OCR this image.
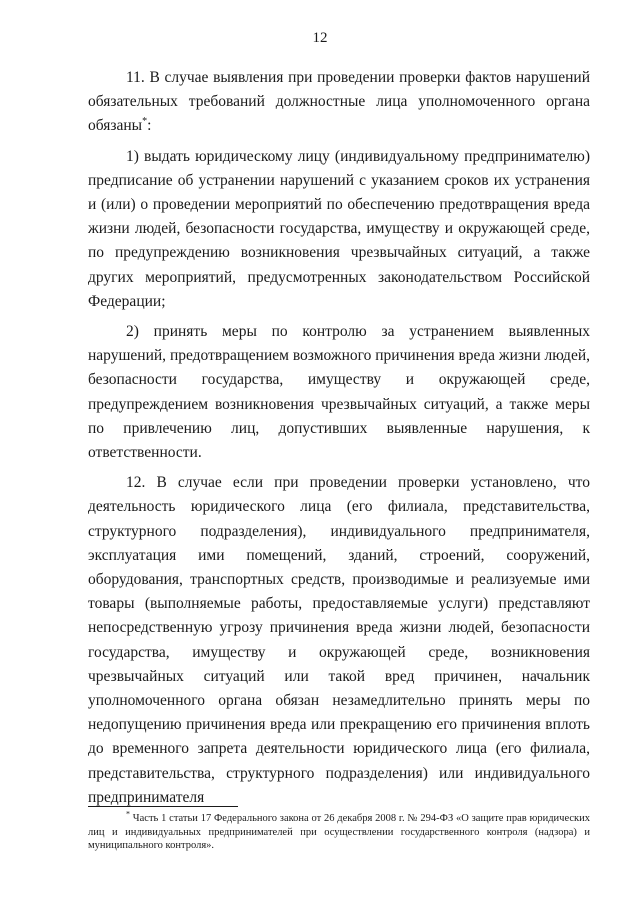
12

11. В случае выявления при проведении проверки фактов нарушений обязательных требований должностные лица уполномоченного органа обязаны*:

1) выдать юридическому лицу (индивидуальному предпринимателю) предписание об устранении нарушений с указанием сроков их устранения и (или) о проведении мероприятий по обеспечению предотвращения вреда жизни людей, безопасности государства, имуществу и окружающей среде, по предупреждению возникновения чрезвычайных ситуаций, а также других мероприятий, предусмотренных законодательством Российской Федерации;

2) принять меры по контролю за устранением выявленных нарушений, предотвращением возможного причинения вреда жизни людей, безопасности государства, имуществу и окружающей среде, предупреждением возникновения чрезвычайных ситуаций, а также меры по привлечению лиц, допустивших выявленные нарушения, к ответственности.

12. В случае если при проведении проверки установлено, что деятельность юридического лица (его филиала, представительства, структурного подразделения), индивидуального предпринимателя, эксплуатация ими помещений, зданий, строений, сооружений, оборудования, транспортных средств, производимые и реализуемые ими товары (выполняемые работы, предоставляемые услуги) представляют непосредственную угрозу причинения вреда жизни людей, безопасности государства, имуществу и окружающей среде, возникновения чрезвычайных ситуаций или такой вред причинен, начальник уполномоченного органа обязан незамедлительно принять меры по недопущению причинения вреда или прекращению его причинения вплоть до временного запрета деятельности юридического лица (его филиала, представительства, структурного подразделения) или индивидуального предпринимателя

* Часть 1 статьи 17 Федерального закона от 26 декабря 2008 г. № 294-ФЗ «О защите прав юридических лиц и индивидуальных предпринимателей при осуществлении государственного контроля (надзора) и муниципального контроля».
